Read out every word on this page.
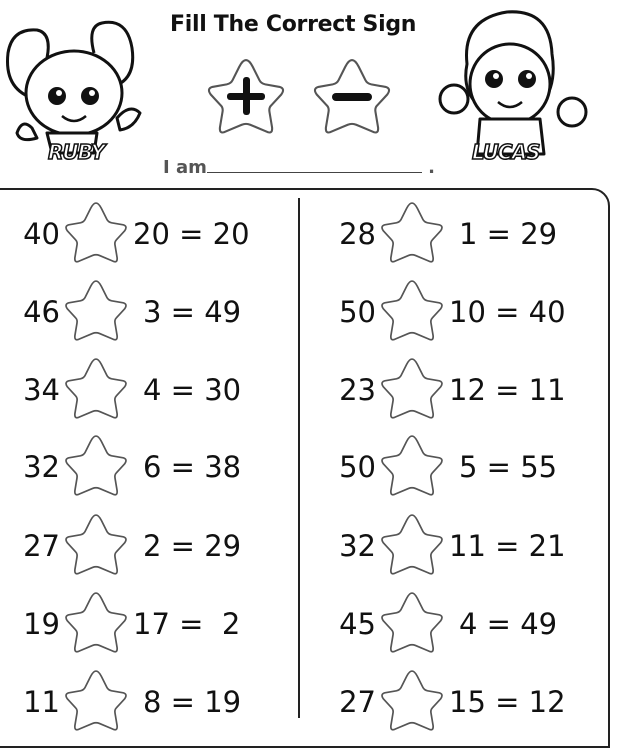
Fill The Correct Sign
I am	.
RUBY	LUCAS
40	20 = 20
46	3 = 49
34	4 = 30
32	6 = 38
27	2 = 29
19	17 =  2
11	8 = 19
28	1 = 29
50	10 = 40
23	12 = 11
50	5 = 55
32	11 = 21
45	4 = 49
27	15 = 12
